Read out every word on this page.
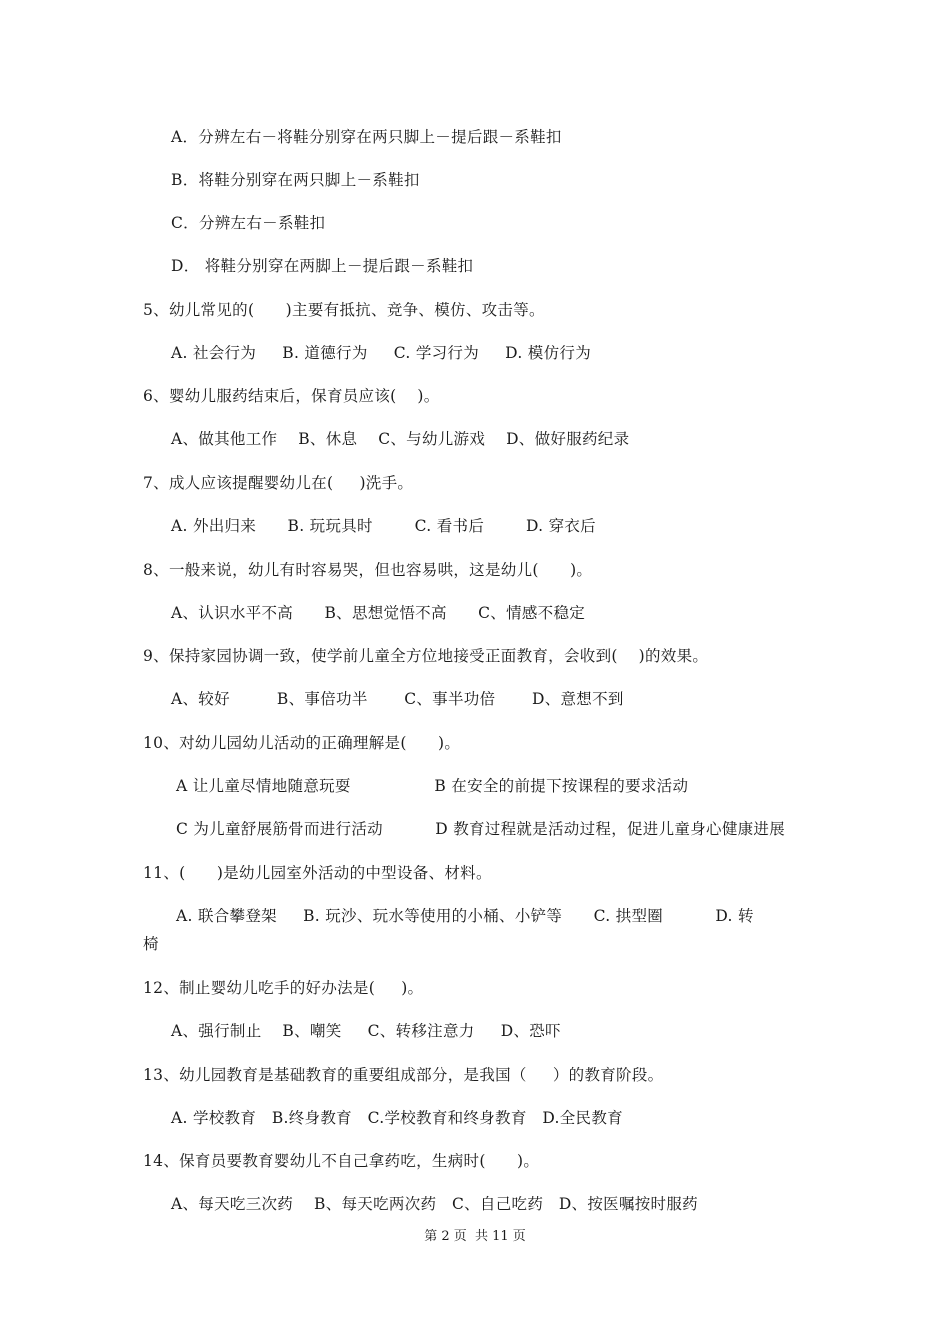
A．分辨左右－将鞋分别穿在两只脚上－提后跟－系鞋扣
B．将鞋分别穿在两只脚上－系鞋扣
C．分辨左右－系鞋扣
D． 将鞋分别穿在两脚上－提后跟－系鞋扣
5、幼儿常见的(      )主要有抵抗、竞争、模仿、攻击等。
A. 社会行为     B. 道德行为     C. 学习行为     D. 模仿行为
6、婴幼儿服药结束后，保育员应该(    )。
A、做其他工作    B、休息    C、与幼儿游戏    D、做好服药纪录
7、成人应该提醒婴幼儿在(     )洗手。
A. 外出归来      B. 玩玩具时        C. 看书后        D. 穿衣后
8、一般来说，幼儿有时容易哭，但也容易哄，这是幼儿(      )。
A、认识水平不高      B、思想觉悟不高      C、情感不稳定
9、保持家园协调一致，使学前儿童全方位地接受正面教育，会收到(    )的效果。
A、较好         B、事倍功半       C、事半功倍       D、意想不到
10、对幼儿园幼儿活动的正确理解是(      )。
A 让儿童尽情地随意玩耍                B 在安全的前提下按课程的要求活动
C 为儿童舒展筋骨而进行活动          D 教育过程就是活动过程，促进儿童身心健康进展
11、(      )是幼儿园室外活动的中型设备、材料。
A. 联合攀登架     B. 玩沙、玩水等使用的小桶、小铲等      C. 拱型圈          D. 转
椅
12、制止婴幼儿吃手的好办法是(     )。
A、强行制止    B、嘲笑     C、转移注意力     D、恐吓
13、幼儿园教育是基础教育的重要组成部分，是我国（     ）的教育阶段。
A. 学校教育   B.终身教育   C.学校教育和终身教育   D.全民教育
14、保育员要教育婴幼儿不自己拿药吃，生病时(      )。
A、每天吃三次药    B、每天吃两次药   C、自己吃药   D、按医嘱按时服药
第 2 页  共 11 页
